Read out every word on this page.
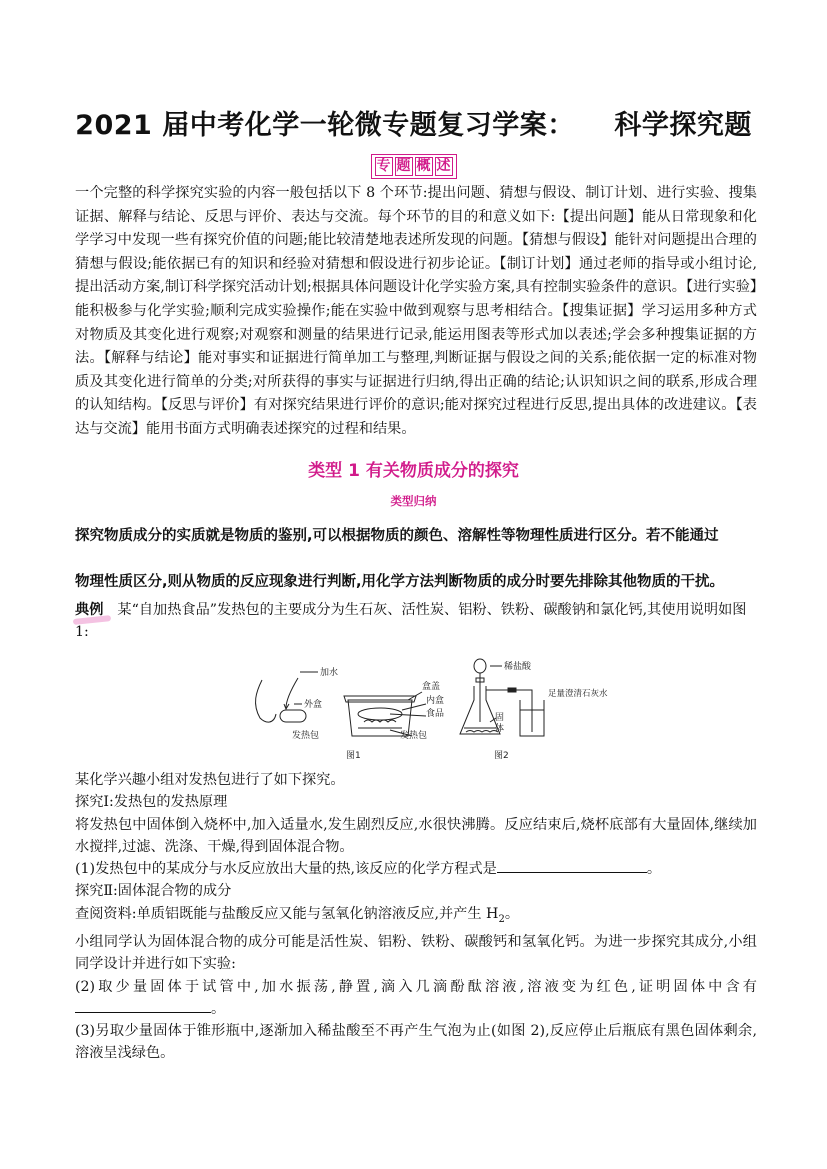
2021 届中考化学一轮微专题复习学案：    科学探究题
专 题 概 述
一个完整的科学探究实验的内容一般包括以下 8 个环节:提出问题、猜想与假设、制订计划、进行实验、搜集证据、解释与结论、反思与评价、表达与交流。每个环节的目的和意义如下:【提出问题】能从日常现象和化学学习中发现一些有探究价值的问题;能比较清楚地表述所发现的问题。【猜想与假设】能针对问题提出合理的猜想与假设;能依据已有的知识和经验对猜想和假设进行初步论证。【制订计划】通过老师的指导或小组讨论,提出活动方案,制订科学探究活动计划;根据具体问题设计化学实验方案,具有控制实验条件的意识。【进行实验】能积极参与化学实验;顺利完成实验操作;能在实验中做到观察与思考相结合。【搜集证据】学习运用多种方式对物质及其变化进行观察;对观察和测量的结果进行记录,能运用图表等形式加以表述;学会多种搜集证据的方法。【解释与结论】能对事实和证据进行简单加工与整理,判断证据与假设之间的关系;能依据一定的标准对物质及其变化进行简单的分类;对所获得的事实与证据进行归纳,得出正确的结论;认识知识之间的联系,形成合理的认知结构。【反思与评价】有对探究结果进行评价的意识;能对探究过程进行反思,提出具体的改进建议。【表达与交流】能用书面方式明确表述探究的过程和结果。
类型 1 有关物质成分的探究
类型归纳
探究物质成分的实质就是物质的鉴别,可以根据物质的颜色、溶解性等物理性质进行区分。若不能通过
物理性质区分,则从物质的反应现象进行判断,用化学方法判断物质的成分时要先排除其他物质的干扰。
典例 某“自加热食品”发热包的主要成分为生石灰、活性炭、铝粉、铁粉、碳酸钠和氯化钙,其使用说明如图 1:
加水
外盒
发热包
盒盖
内盒
食品
发热包
图1
稀盐酸
固
体
足量澄清石灰水
图2
某化学兴趣小组对发热包进行了如下探究。
探究Ⅰ:发热包的发热原理
将发热包中固体倒入烧杯中,加入适量水,发生剧烈反应,水很快沸腾。反应结束后,烧杯底部有大量固体,继续加水搅拌,过滤、洗涤、干燥,得到固体混合物。
(1)发热包中的某成分与水反应放出大量的热,该反应的化学方程式是	。
探究Ⅱ:固体混合物的成分
查阅资料:单质铝既能与盐酸反应又能与氢氧化钠溶液反应,并产生 $H_2$。
小组同学认为固体混合物的成分可能是活性炭、铝粉、铁粉、碳酸钙和氢氧化钙。为进一步探究其成分,小组同学设计并进行如下实验:
(2)取少量固体于试管中,加水振荡,静置,滴入几滴酚酞溶液,溶液变为红色,证明固体中含有。
(3)另取少量固体于锥形瓶中,逐渐加入稀盐酸至不再产生气泡为止(如图 2),反应停止后瓶底有黑色固体剩余,溶液呈浅绿色。
